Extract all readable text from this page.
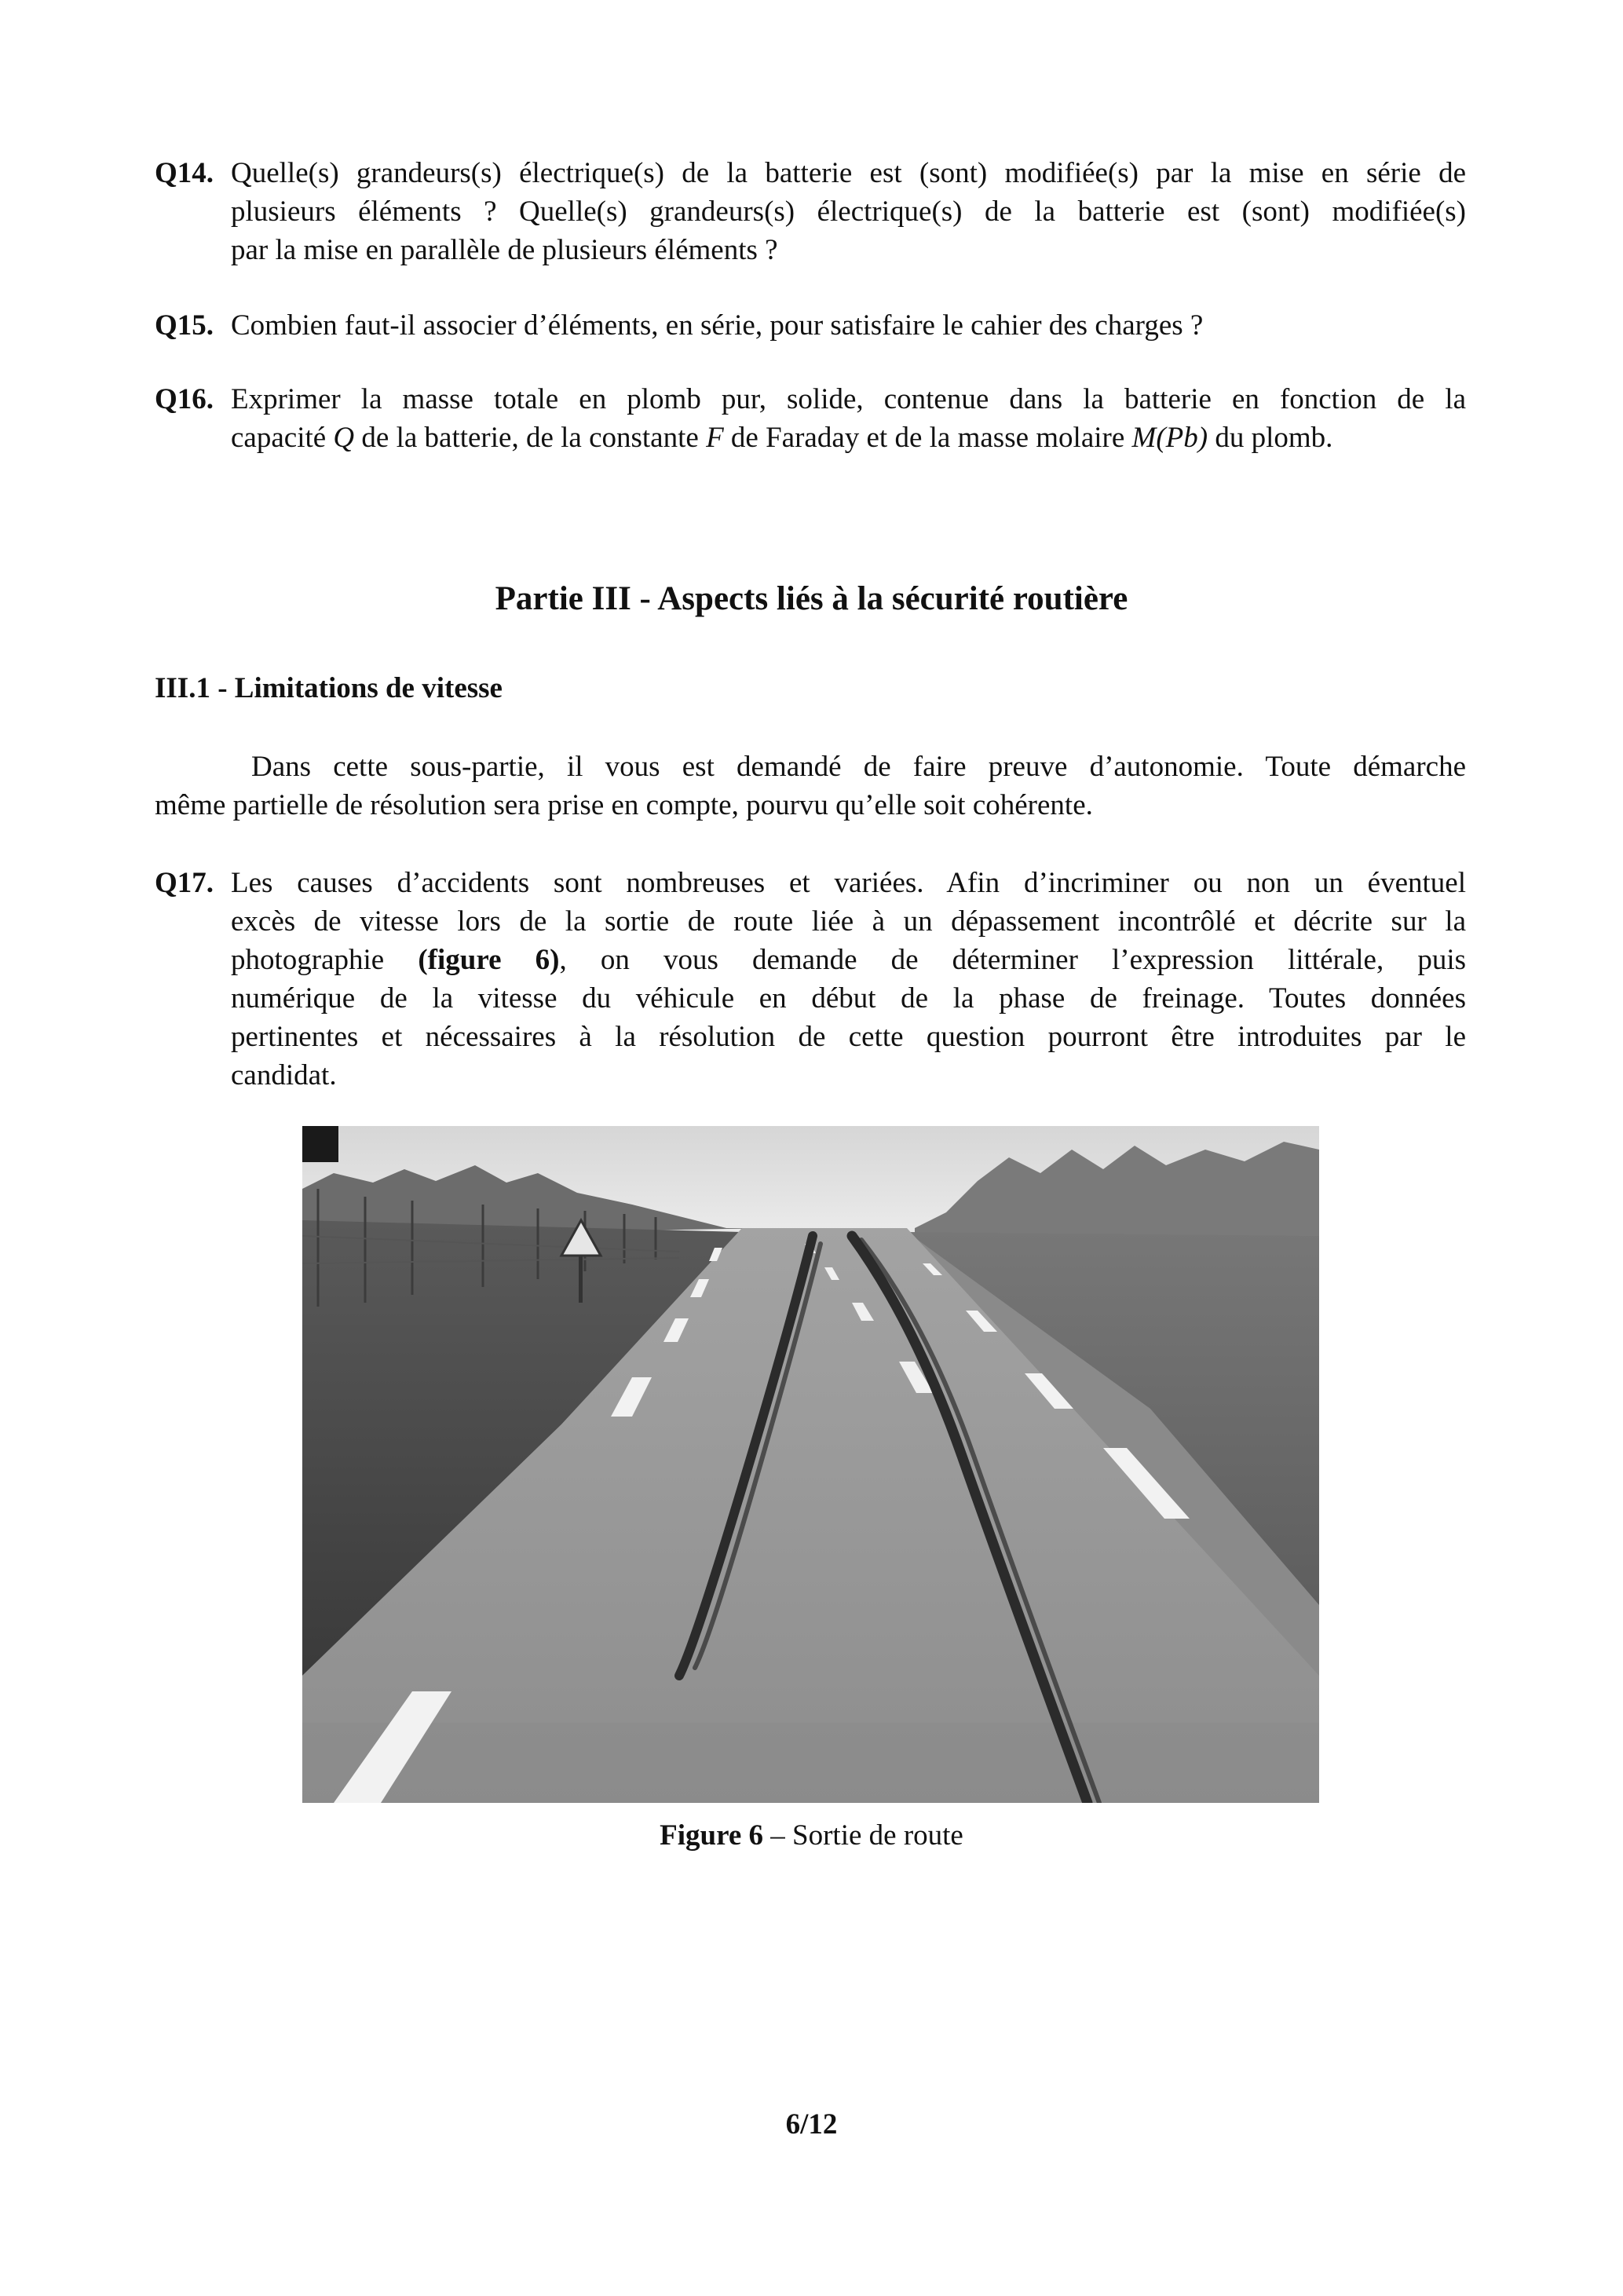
Q14. Quelle(s) grandeurs(s) électrique(s) de la batterie est (sont) modifiée(s) par la mise en série de
plusieurs éléments ? Quelle(s) grandeurs(s) électrique(s) de la batterie est (sont) modifiée(s)
par la mise en parallèle de plusieurs éléments ?
Q15. Combien faut-il associer d’éléments, en série, pour satisfaire le cahier des charges ?
Q16. Exprimer la masse totale en plomb pur, solide, contenue dans la batterie en fonction de la
capacité Q de la batterie, de la constante F de Faraday et de la masse molaire M(Pb) du plomb.
Partie III - Aspects liés à la sécurité routière
III.1 - Limitations de vitesse
Dans cette sous-partie, il vous est demandé de faire preuve d’autonomie. Toute démarche
même partielle de résolution sera prise en compte, pourvu qu’elle soit cohérente.
Q17. Les causes d’accidents sont nombreuses et variées. Afin d’incriminer ou non un éventuel
excès de vitesse lors de la sortie de route liée à un dépassement incontrôlé et décrite sur la
photographie (figure 6), on vous demande de déterminer l’expression littérale, puis
numérique de la vitesse du véhicule en début de la phase de freinage. Toutes données
pertinentes et nécessaires à la résolution de cette question pourront être introduites par le
candidat.
Figure 6 – Sortie de route
6/12
